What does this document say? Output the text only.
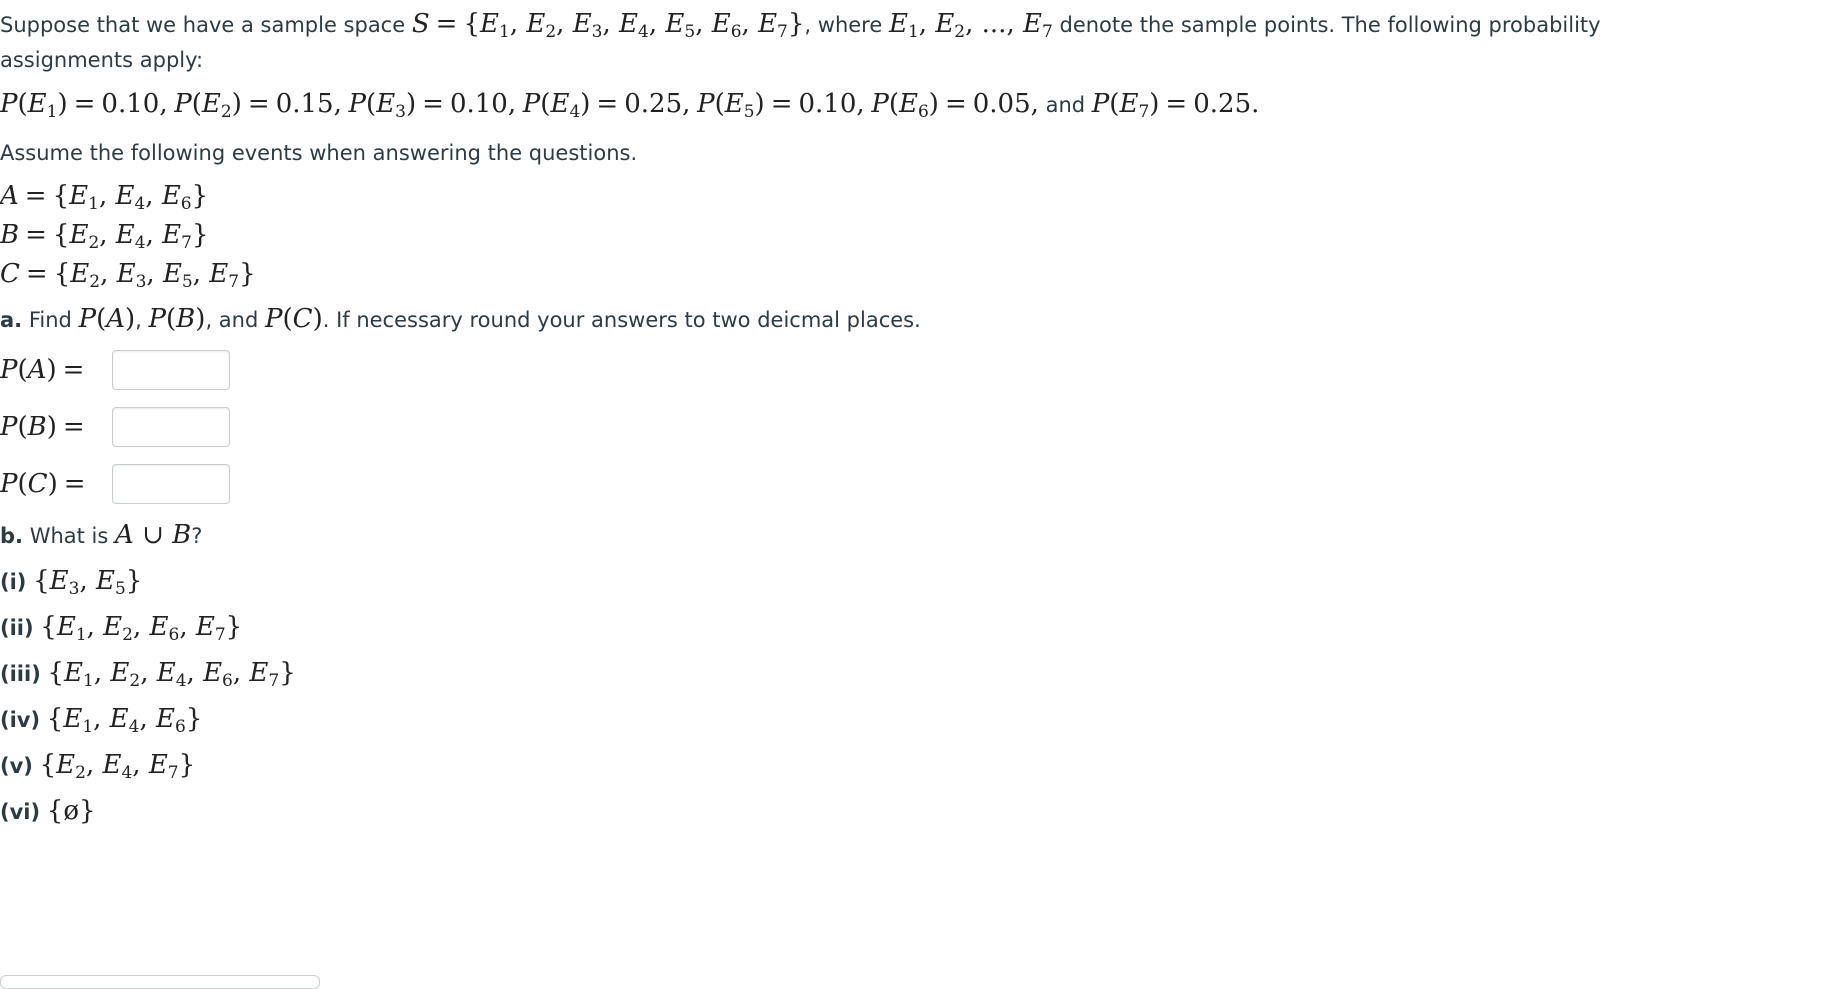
Suppose that we have a sample space $S = \{E_1$, $E_2$, $E_3$, $E_4$, $E_5$, $E_6$, $E_7$}, where $E_1$, $E_2$, ..., $E_7$ denote the sample points. The following probability
assignments apply:
$P(E_1) = 0.10$, $P(E_2) = 0.15$, $P(E_3) = 0.10$, $P(E_4) = 0.25$, $P(E_5) = 0.10$, $P(E_6) = 0.05$, and $P(E_7) = 0.25$.
Assume the following events when answering the questions.
$A = \{E_1$, $E_4$, $E_6$}
$B = \{E_2$, $E_4$, $E_7$}
$C = \{E_2$, $E_3$, $E_5$, $E_7$}
a. Find P(A), P(B), and P(C). If necessary round your answers to two deicmal places.
P(A) =
P(B) =
P(C) =
b. What is A ∪ B?
(i) {$E_3$, $E_5$}
(ii) {$E_1$, $E_2$, $E_6$, $E_7$}
(iii) {$E_1$, $E_2$, $E_4$, $E_6$, $E_7$}
(iv) {$E_1$, $E_4$, $E_6$}
(v) {$E_2$, $E_4$, $E_7$}
(vi) {ø}
